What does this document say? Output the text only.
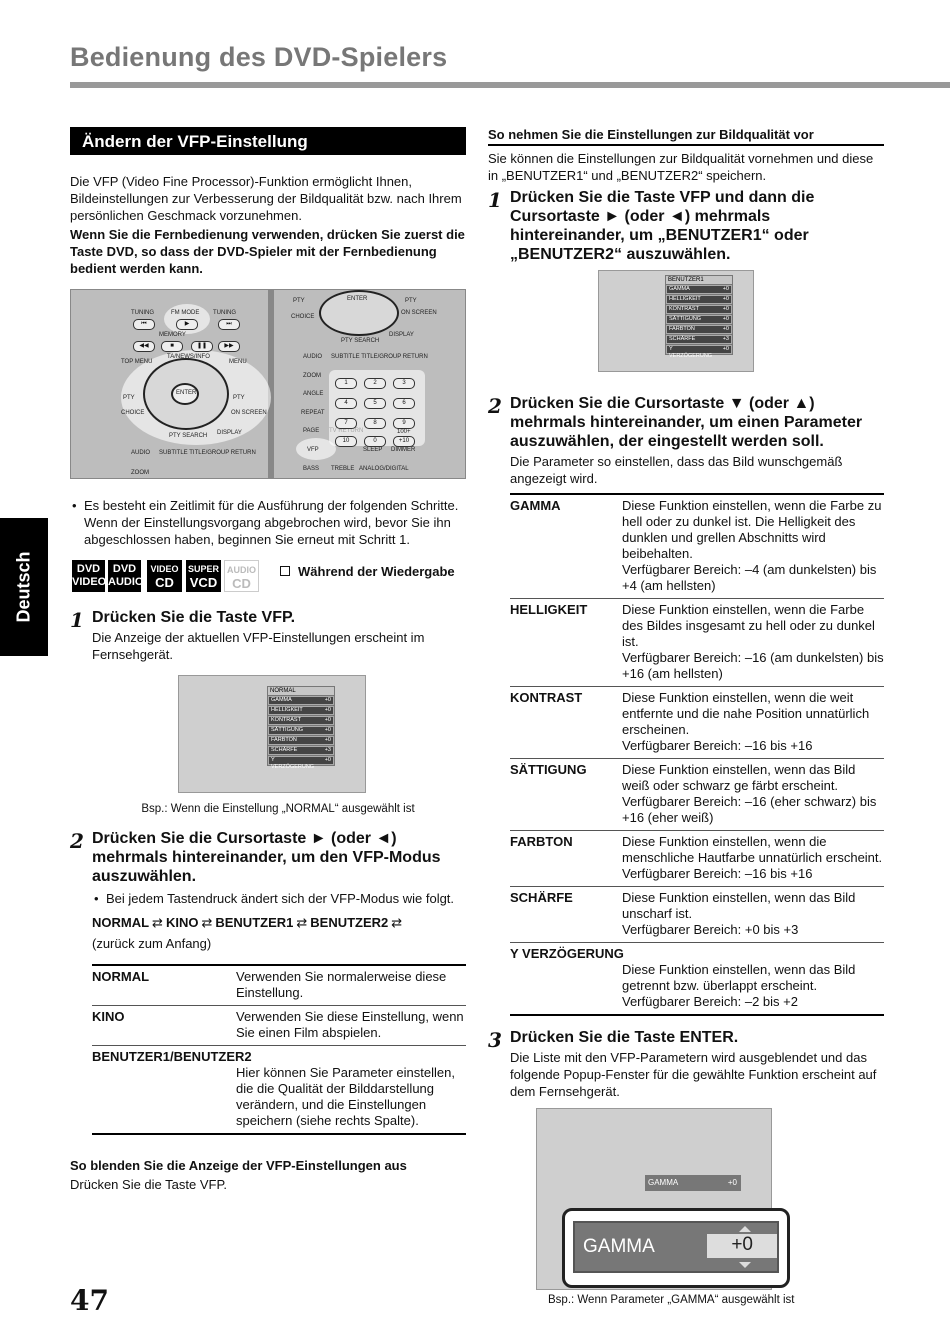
Bedienung des DVD-Spielers
Deutsch
Ändern der VFP-Einstellung

Die VFP (Video Fine Processor)-Funktion ermöglicht Ihnen, Bildeinstellungen zur Verbesserung der Bildqualität bzw. nach Ihrem persönlichen Geschmack vorzunehmen.

Wenn Sie die Fernbedienung verwenden, drücken Sie zuerst die Taste DVD, so dass der DVD-Spieler mit der Fernbedienung bedient werden kann.

ENTER
TUNING	FM MODE TUNING
⏮	▶	⏭
MEMORY
◀◀	■	❚❚	▶▶
TOP MENU
TA/NEWS/INFO
MENU
PTY	PTY
CHOICE	ON SCREEN
PTY SEARCH DISPLAY
AUDIO SUBTITLE TITLE/GROUP RETURN
ZOOM
ENTER
PTY	PTY
CHOICE
ON SCREEN
PTY SEARCH
DISPLAY
AUDIO SUBTITLE TITLE/GROUP RETURN
ZOOM
ANGLE
REPEAT
PAGE
VFP	SLEEP DIMMER
BASS TREBLE ANALOG/DIGITAL
1	2	3
4	5	6
7	8	9
10	0	+10
100+
• Es besteht ein Zeitlimit für die Ausführung der folgenden Schritte. Wenn der Einstellungsvorgang abgebrochen wird, bevor Sie ihn abgeschlossen haben, beginnen Sie erneut mit Schritt 1.
DVD
VIDEO
DVD
AUDIO
VIDEO
CD
SUPER
VCD
AUDIO
CD
Während der Wiedergabe
1 Drücken Sie die Taste VFP.

Die Anzeige der aktuellen VFP-Einstellungen erscheint im Fernsehgerät.

NORMAL
GAMMA	+0
HELLIGKEIT	+0
KONTRAST	+0
SÄTTIGUNG	+0
FARBTON	+0
SCHÄRFE	+3
Y VERZÖGERUNG
+0
Bsp.: Wenn die Einstellung „NORMAL“ ausgewählt ist
2 Drücken Sie die Cursortaste ► (oder ◄) mehrmals hintereinander, um den VFP-Modus auszuwählen.
• Bei jedem Tastendruck ändert sich der VFP-Modus wie folgt.
NORMAL ⇄ KINO ⇄ BENUTZER1 ⇄ BENUTZER2 ⇄

(zurück zum Anfang)

NORMAL	Verwenden Sie normalerweise diese Einstellung.
KINO	Verwenden Sie diese Einstellung, wenn Sie einen Film abspielen.

BENUTZER1/BENUTZER2
Hier können Sie Parameter einstellen, die die Qualität der Bilddarstellung verändern, und die Einstellungen speichern (siehe rechts Spalte).	

So blenden Sie die Anzeige der VFP-Einstellungen aus

Drücken Sie die Taste VFP.

So nehmen Sie die Einstellungen zur Bildqualität vor

Sie können die Einstellungen zur Bildqualität vornehmen und diese in „BENUTZER1“ und „BENUTZER2“ speichern.

1 Drücken Sie die Taste VFP und dann die Cursortaste ► (oder ◄) mehrmals hintereinander, um „BENUTZER1“ oder „BENUTZER2“ auszuwählen.
BENUTZER1
GAMMA	+0
HELLIGKEIT	+0
KONTRAST	+0
SÄTTIGUNG	+0
FARBTON	+0
SCHÄRFE	+3
Y VERZÖGERUNG
+0
2 Drücken Sie die Cursortaste ▼ (oder ▲) mehrmals hintereinander, um einen Parameter auszuwählen, der eingestellt werden soll.

Die Parameter so einstellen, dass das Bild wunschgemäß angezeigt wird.

GAMMA	Diese Funktion einstellen, wenn die Farbe zu hell oder zu dunkel ist. Die Helligkeit des dunklen und grellen Abschnitts wird beibehalten.
Verfügbarer Bereich: –4 (am dunkelsten) bis +4 (am hellsten)

HELLIGKEIT	Diese Funktion einstellen, wenn die Farbe des Bildes insgesamt zu hell oder zu dunkel ist.
Verfügbarer Bereich: –16 (am dunkelsten) bis +16 (am hellsten)

KONTRAST	Diese Funktion einstellen, wenn die weit entfernte und die nahe Position unnatürlich erscheinen.
Verfügbarer Bereich: –16 bis +16

SÄTTIGUNG	Diese Funktion einstellen, wenn das Bild weiß oder schwarz ge färbt erscheint.
Verfügbarer Bereich: –16 (eher schwarz) bis +16 (eher weiß)

FARBTON	Diese Funktion einstellen, wenn die menschliche Hautfarbe unnatürlich erscheint.
Verfügbarer Bereich: –16 bis +16

SCHÄRFE	Diese Funktion einstellen, wenn das Bild unscharf ist.
Verfügbarer Bereich: +0 bis +3

Y VERZÖGERUNG
Diese Funktion einstellen, wenn das Bild getrennt bzw. überlappt erscheint.
Verfügbarer Bereich: –2 bis +2	
3 Drücken Sie die Taste ENTER.

Die Liste mit den VFP-Parametern wird ausgeblendet und das folgende Popup-Fenster für die gewählte Funktion erscheint auf dem Fernsehgerät.

GAMMA	+0
GAMMA	+0
Bsp.: Wenn Parameter „GAMMA“ ausgewählt ist
47
